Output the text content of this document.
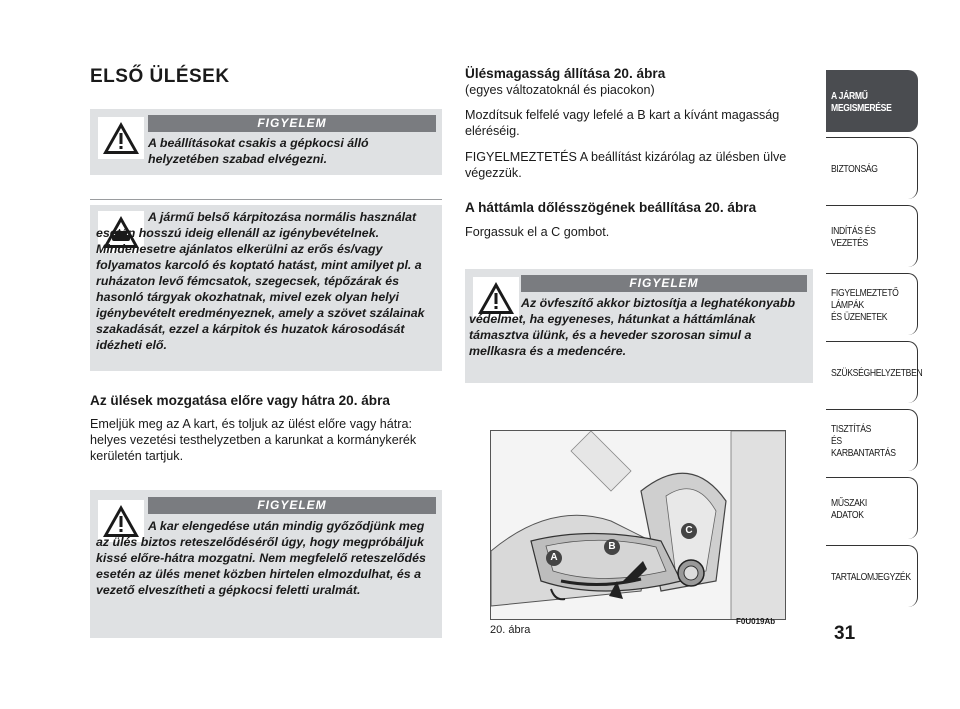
ELSŐ ÜLÉSEK
FIGYELEM
A beállításokat csakis a gépkocsi álló helyzetében szabad elvégezni.
A jármű belső kárpitozása normális használat esetén hosszú ideig ellenáll az igénybevételnek. Mindenesetre ajánlatos elkerülni az erős és/vagy folyamatos karcoló és koptató hatást, mint amilyet pl. a ruházaton levő fémcsatok, szegecsek, tépőzárak és hasonló tárgyak okozhatnak, mivel ezek olyan helyi igénybevételt eredményeznek, amely a szövet szálainak szakadását, ezzel a kárpitok és huzatok károsodását idézheti elő.
Az ülések mozgatása előre vagy hátra 20. ábra
Emeljük meg az A kart, és toljuk az ülést előre vagy hátra: helyes vezetési testhelyzetben a karunkat a kormánykerék kerületén tartjuk.
FIGYELEM
A kar elengedése után mindig győződjünk meg az ülés biztos reteszelődéséről úgy, hogy megpróbáljuk kissé előre-hátra mozgatni. Nem megfelelő reteszelődés esetén az ülés menet közben hirtelen elmozdulhat, és a vezető elveszítheti a gépkocsi feletti uralmát.
Ülésmagasság állítása 20. ábra
(egyes változatoknál és piacokon)
Mozdítsuk felfelé vagy lefelé a B kart a kívánt magasság eléréséig.
FIGYELMEZTETÉS A beállítást kizárólag az ülésben ülve végezzük.
A háttámla dőlésszögének beállítása 20. ábra
Forgassuk el a C gombot.
FIGYELEM
Az övfeszítő akkor biztosítja a leghatékonyabb védelmet, ha egyeneses, hátunkat a háttámlának támasztva ülünk, és a heveder szorosan simul a mellkasra és a medencére.
A
B
C
F0U019Ab
20. ábra
A JÁRMŰ
MEGISMERÉSE
BIZTONSÁG
INDÍTÁS ÉS VEZETÉS
FIGYELMEZTETŐ
LÁMPÁK
ÉS ÜZENETEK
SZÜKSÉGHELYZETBEN
TISZTÍTÁS
ÉS KARBANTARTÁS
MŰSZAKI ADATOK
TARTALOMJEGYZÉK
31
